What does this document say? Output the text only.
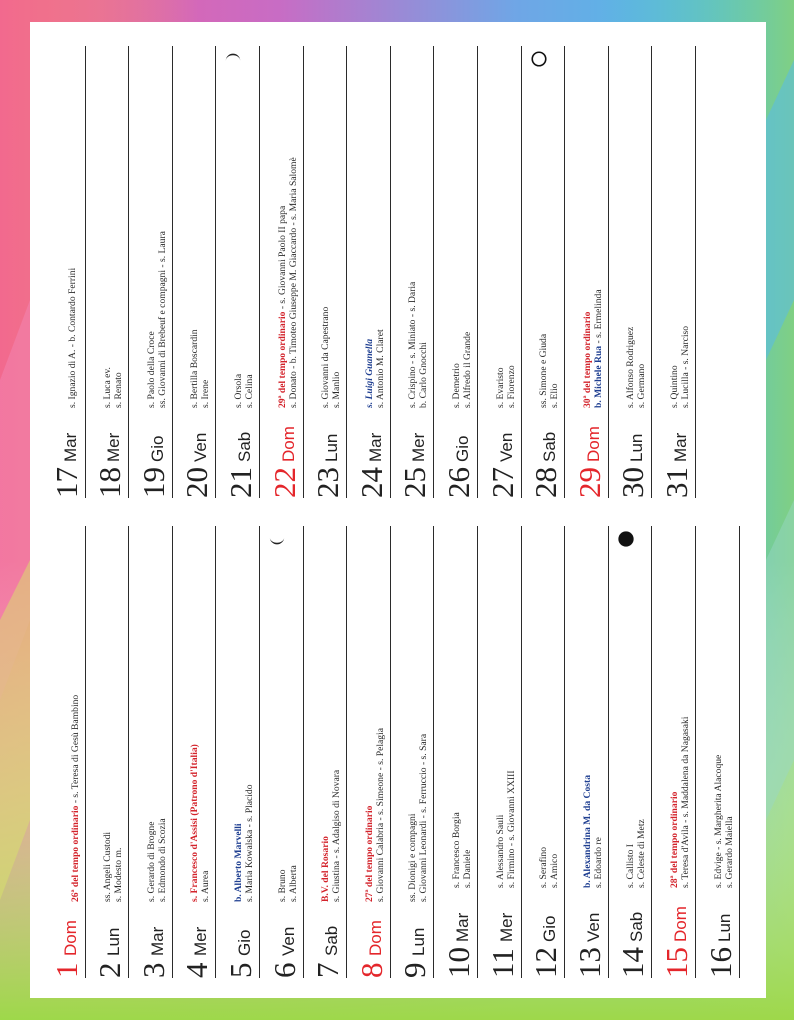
1
Dom
26ª del tempo ordinario - s. Teresa di Gesù Bambino
2
Lun
ss. Angeli Custodi s. Modesto m.
3
Mar
s. Gerardo di Brogne s. Edmondo di Scozia
4
Mer
s. Francesco d'Assisi (Patrono d'Italia) s. Aurea
5
Gio
b. Alberto Marvelli s. Maria Kowalska - s. Placido
6
Ven
s. Bruno s. Alberta
7
Sab
B.V. del Rosario s. Giustina - s. Adalgiso di Novara
8
Dom
27ª del tempo ordinario s. Giovanni Calabria - s. Simeone - s. Pelagia
9
Lun
ss. Dionigi e compagni s. Giovanni Leonardi - s. Ferruccio - s. Sara
10
Mar
s. Francesco Borgia s. Daniele
11
Mer
s. Alessandro Sauli s. Firmino - s. Giovanni XXIII
12
Gio
s. Serafino s. Amico
13
Ven
b. Alexandrina M. da Costa s. Edoardo re
14
Sab
s. Callisto I s. Celeste di Metz
15
Dom
28ª del tempo ordinario s. Teresa d'Avila - s. Maddalena da Nagasaki
16
Lun
s. Edvige - s. Margherita Alacoque s. Gerardo Maiella
17
Mar
s. Ignazio di A. - b. Contardo Ferrini
18
Mer
s. Luca ev. s. Renato
19
Gio
s. Paolo della Croce ss. Giovanni di Brebeuf e compagni - s. Laura
20
Ven
s. Bertilla Boscardin s. Irene
21
Sab
s. Orsola s. Celina
22
Dom
29ª del tempo ordinario - s. Giovanni Paolo II papa s. Donato - b. Timoteo Giuseppe M. Giaccardo - s. Maria Salomè
23
Lun
s. Giovanni da Capestrano s. Manlio
24
Mar
s. Luigi Guanella s. Antonio M. Claret
25
Mer
s. Crispino - s. Miniato - s. Daria b. Carlo Gnocchi
26
Gio
s. Demetrio s. Alfredo il Grande
27
Ven
s. Evaristo s. Fiorenzo
28
Sab
ss. Simone e Giuda s. Elio
29
Dom
30ª del tempo ordinario b. Michele Rua - s. Ermelinda
30
Lun
s. Alfonso Rodriguez s. Germano
31
Mar
s. Quintino s. Lucilla - s. Narciso
